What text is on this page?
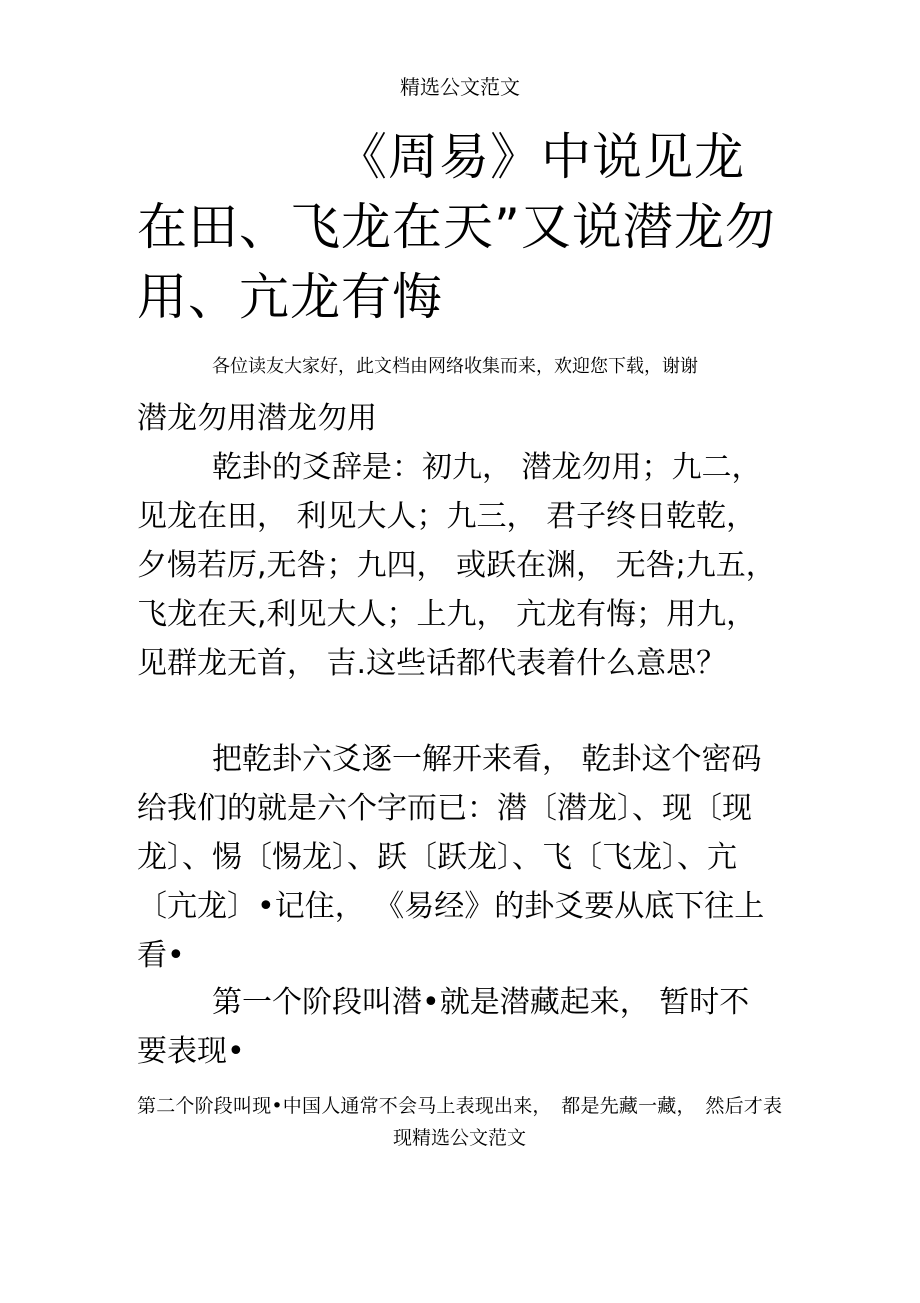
精选公文范文
《周易》中说见龙在田、飞龙在天”又说潜龙勿用、亢龙有悔
各位读友大家好，此文档由网络收集而来，欢迎您下载，谢谢
潜龙勿用潜龙勿用

乾卦的爻辞是：初九， 潜龙勿用；九二， 见龙在田， 利见大人；九三， 君子终日乾乾， 夕惕若厉,无咎；九四， 或跃在渊， 无咎;九五， 飞龙在天,利见大人；上九， 亢龙有悔；用九， 见群龙无首， 吉.这些话都代表着什么意思？

把乾卦六爻逐一解开来看， 乾卦这个密码给我们的就是六个字而已：潜〔潜龙〕、现〔现龙〕、惕〔惕龙〕、跃〔跃龙〕、飞〔飞龙〕、亢〔亢龙〕•记住， 《易经》的卦爻要从底下往上看•

第一个阶段叫潜•就是潜藏起来， 暂时不要表现•

第二个阶段叫现•中国人通常不会马上表现出来，　都是先藏一藏，　然后才表现精选公文范文
